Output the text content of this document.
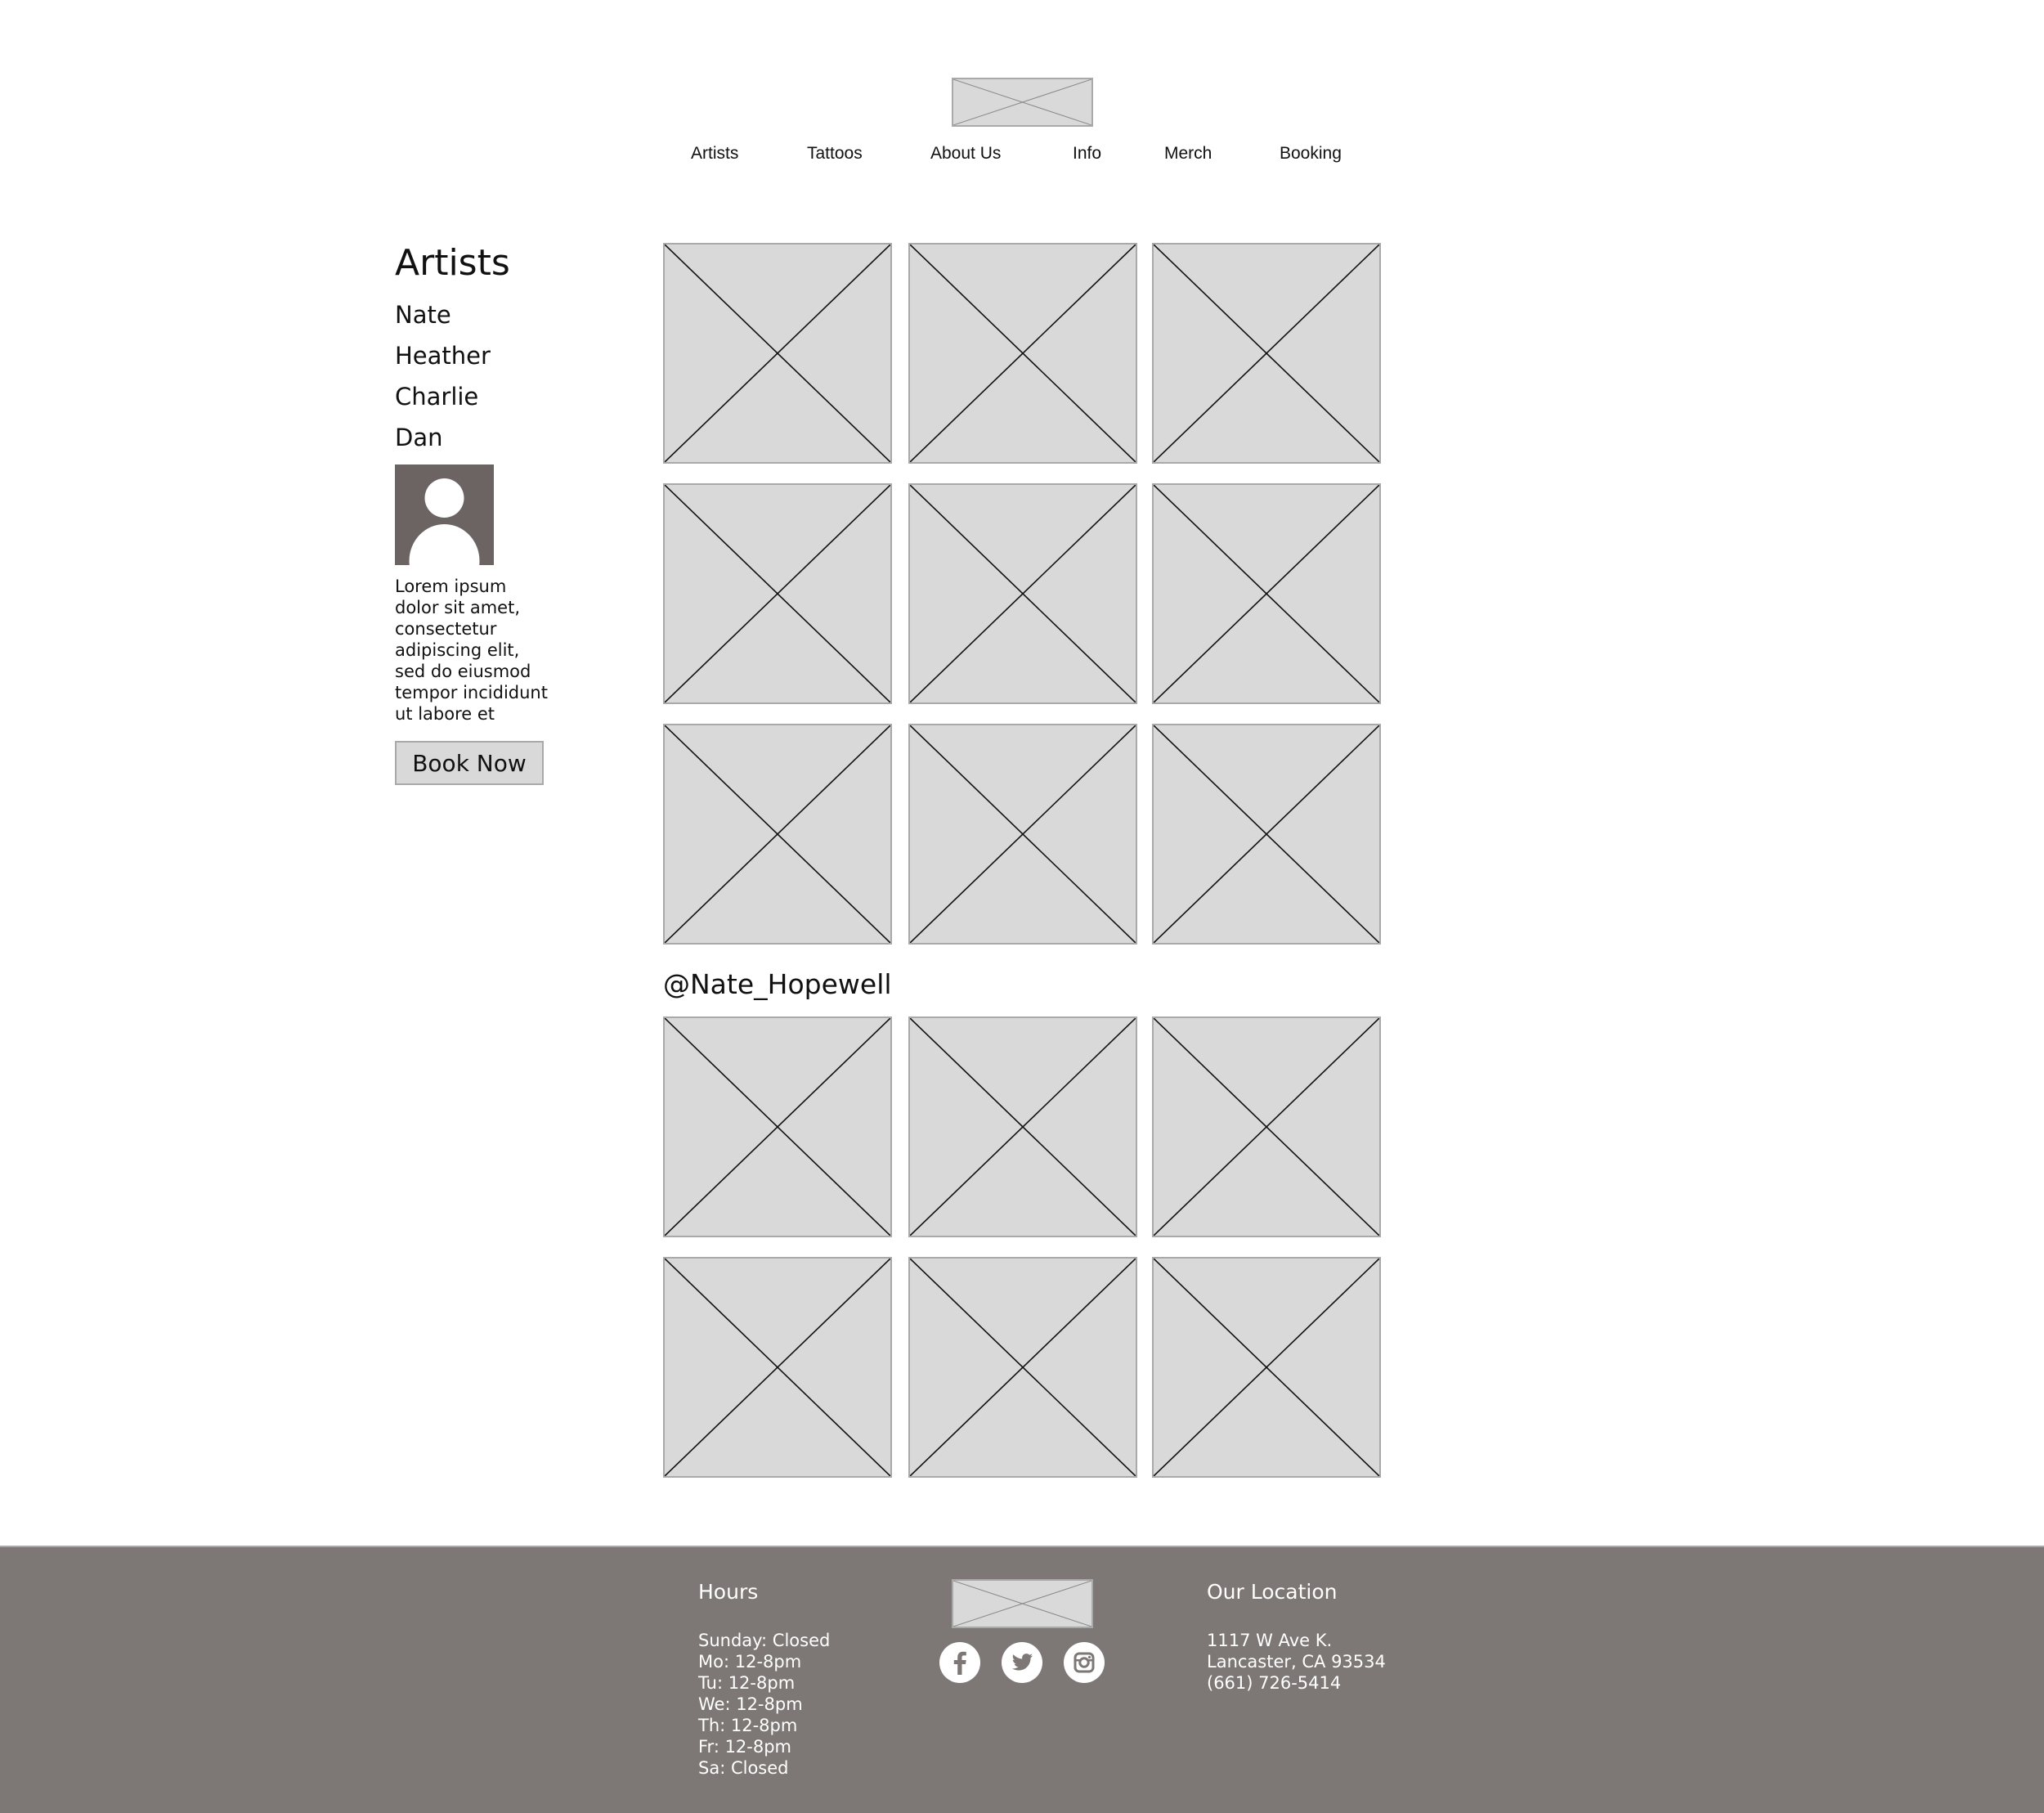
Artists	Tattoos	About Us	Info	Merch	Booking
Artists
Nate
Heather
Charlie
Dan
Lorem ipsum
dolor sit amet,
consectetur
adipiscing elit,
sed do eiusmod
tempor incididunt
ut labore et
Book Now
@Nate_Hopewell
Hours
Sunday: Closed
Mo: 12-8pm
Tu: 12-8pm
We: 12-8pm
Th: 12-8pm
Fr: 12-8pm
Sa: Closed
Our Location
1117 W Ave K.
Lancaster, CA 93534
(661) 726-5414
